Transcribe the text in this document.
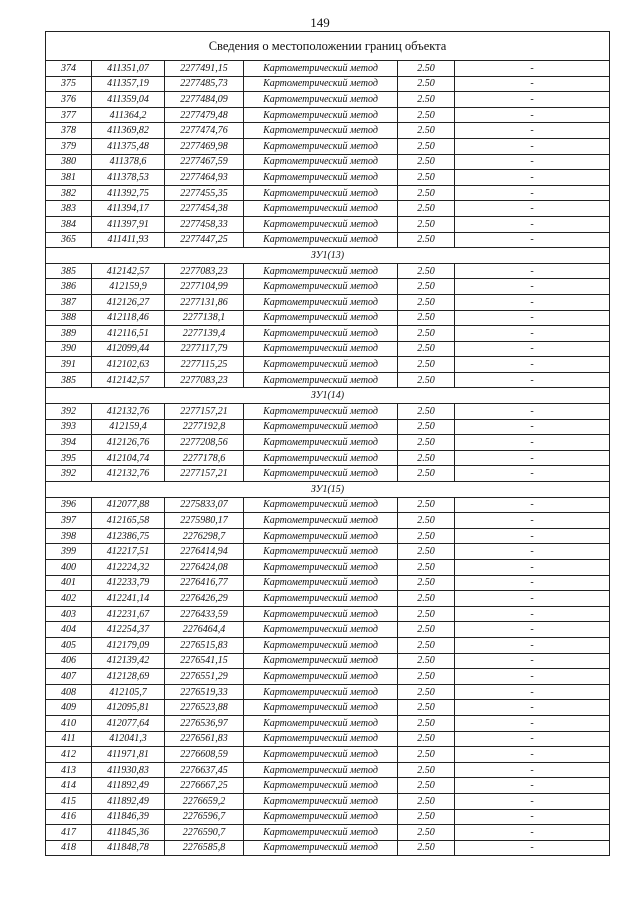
149
Сведения о местоположении границ объекта					
374	411351,07	2277491,15	Картометрический метод	2.50	-
375	411357,19	2277485,73	Картометрический метод	2.50	-
376	411359,04	2277484,09	Картометрический метод	2.50	-
377	411364,2	2277479,48	Картометрический метод	2.50	-
378	411369,82	2277474,76	Картометрический метод	2.50	-
379	411375,48	2277469,98	Картометрический метод	2.50	-
380	411378,6	2277467,59	Картометрический метод	2.50	-
381	411378,53	2277464,93	Картометрический метод	2.50	-
382	411392,75	2277455,35	Картометрический метод	2.50	-
383	411394,17	2277454,38	Картометрический метод	2.50	-
384	411397,91	2277458,33	Картометрический метод	2.50	-
365	411411,93	2277447,25	Картометрический метод	2.50	-
ЗУ1(13)					
385	412142,57	2277083,23	Картометрический метод	2.50	-
386	412159,9	2277104,99	Картометрический метод	2.50	-
387	412126,27	2277131,86	Картометрический метод	2.50	-
388	412118,46	2277138,1	Картометрический метод	2.50	-
389	412116,51	2277139,4	Картометрический метод	2.50	-
390	412099,44	2277117,79	Картометрический метод	2.50	-
391	412102,63	2277115,25	Картометрический метод	2.50	-
385	412142,57	2277083,23	Картометрический метод	2.50	-
ЗУ1(14)					
392	412132,76	2277157,21	Картометрический метод	2.50	-
393	412159,4	2277192,8	Картометрический метод	2.50	-
394	412126,76	2277208,56	Картометрический метод	2.50	-
395	412104,74	2277178,6	Картометрический метод	2.50	-
392	412132,76	2277157,21	Картометрический метод	2.50	-
ЗУ1(15)					
396	412077,88	2275833,07	Картометрический метод	2.50	-
397	412165,58	2275980,17	Картометрический метод	2.50	-
398	412386,75	2276298,7	Картометрический метод	2.50	-
399	412217,51	2276414,94	Картометрический метод	2.50	-
400	412224,32	2276424,08	Картометрический метод	2.50	-
401	412233,79	2276416,77	Картометрический метод	2.50	-
402	412241,14	2276426,29	Картометрический метод	2.50	-
403	412231,67	2276433,59	Картометрический метод	2.50	-
404	412254,37	2276464,4	Картометрический метод	2.50	-
405	412179,09	2276515,83	Картометрический метод	2.50	-
406	412139,42	2276541,15	Картометрический метод	2.50	-
407	412128,69	2276551,29	Картометрический метод	2.50	-
408	412105,7	2276519,33	Картометрический метод	2.50	-
409	412095,81	2276523,88	Картометрический метод	2.50	-
410	412077,64	2276536,97	Картометрический метод	2.50	-
411	412041,3	2276561,83	Картометрический метод	2.50	-
412	411971,81	2276608,59	Картометрический метод	2.50	-
413	411930,83	2276637,45	Картометрический метод	2.50	-
414	411892,49	2276667,25	Картометрический метод	2.50	-
415	411892,49	2276659,2	Картометрический метод	2.50	-
416	411846,39	2276596,7	Картометрический метод	2.50	-
417	411845,36	2276590,7	Картометрический метод	2.50	-
418	411848,78	2276585,8	Картометрический метод	2.50	-
